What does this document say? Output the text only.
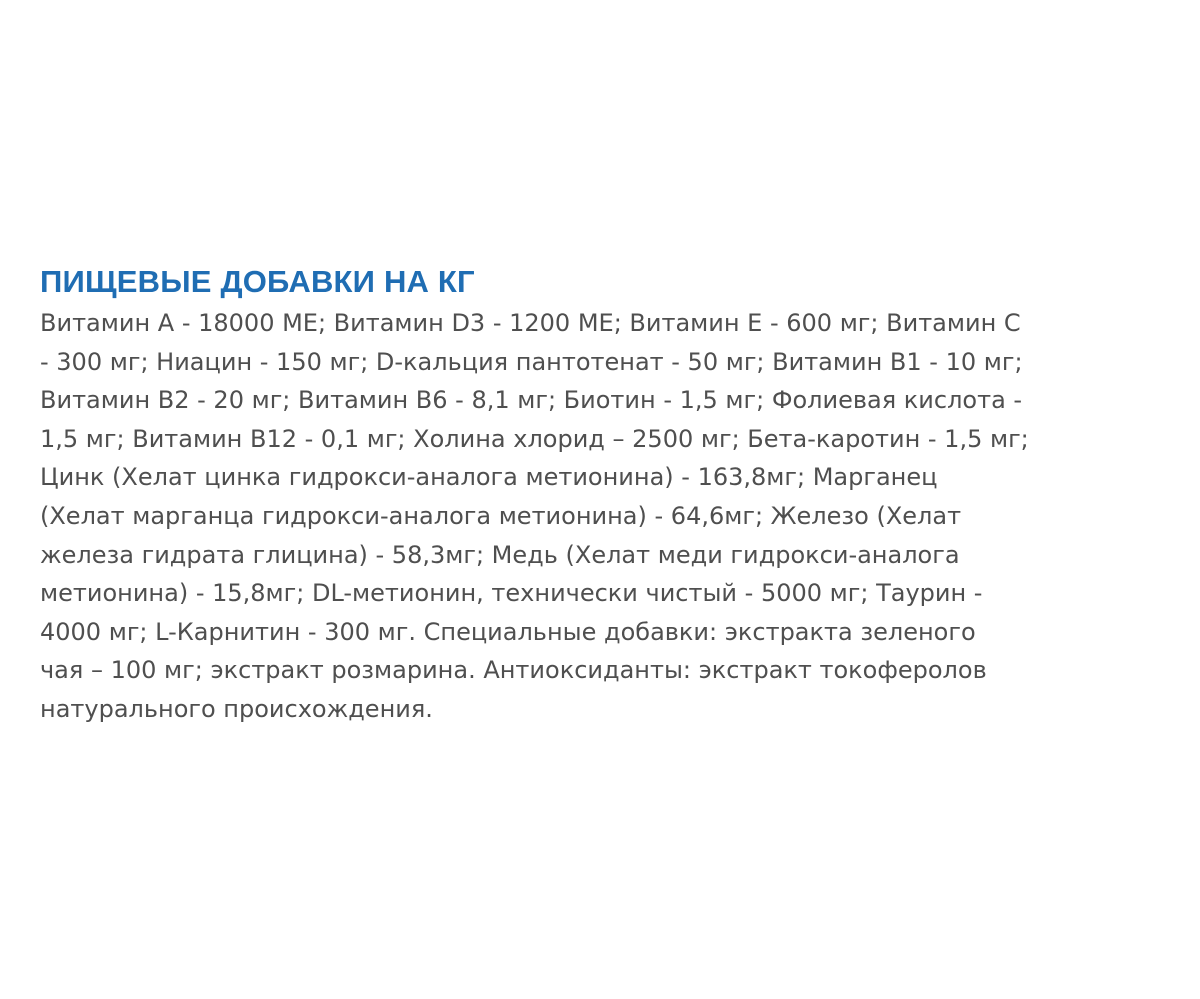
ПИЩЕВЫЕ ДОБАВКИ НА КГ

Витамин А - 18000 МЕ; Витамин D3 - 1200 МЕ; Витамин Е - 600 мг; Витамин С
- 300 мг; Ниацин - 150 мг; D-кальция пантотенат - 50 мг; Витамин В1 - 10 мг;
Витамин В2 - 20 мг; Витамин В6 - 8,1 мг; Биотин - 1,5 мг; Фолиевая кислота -
1,5 мг; Витамин В12 - 0,1 мг; Холина хлорид – 2500 мг; Бета-каротин - 1,5 мг;
Цинк (Хелат цинка гидрокси-аналога метионина) - 163,8мг; Марганец
(Хелат марганца гидрокси-аналога метионина) - 64,6мг; Железо (Хелат
железа гидрата глицина) - 58,3мг; Медь (Хелат меди гидрокси-аналога
метионина) - 15,8мг; DL-метионин, технически чистый - 5000 мг; Таурин -
4000 мг; L-Карнитин - 300 мг. Специальные добавки: экстракта зеленого
чая – 100 мг; экстракт розмарина. Антиоксиданты: экстракт токоферолов
натурального происхождения.
